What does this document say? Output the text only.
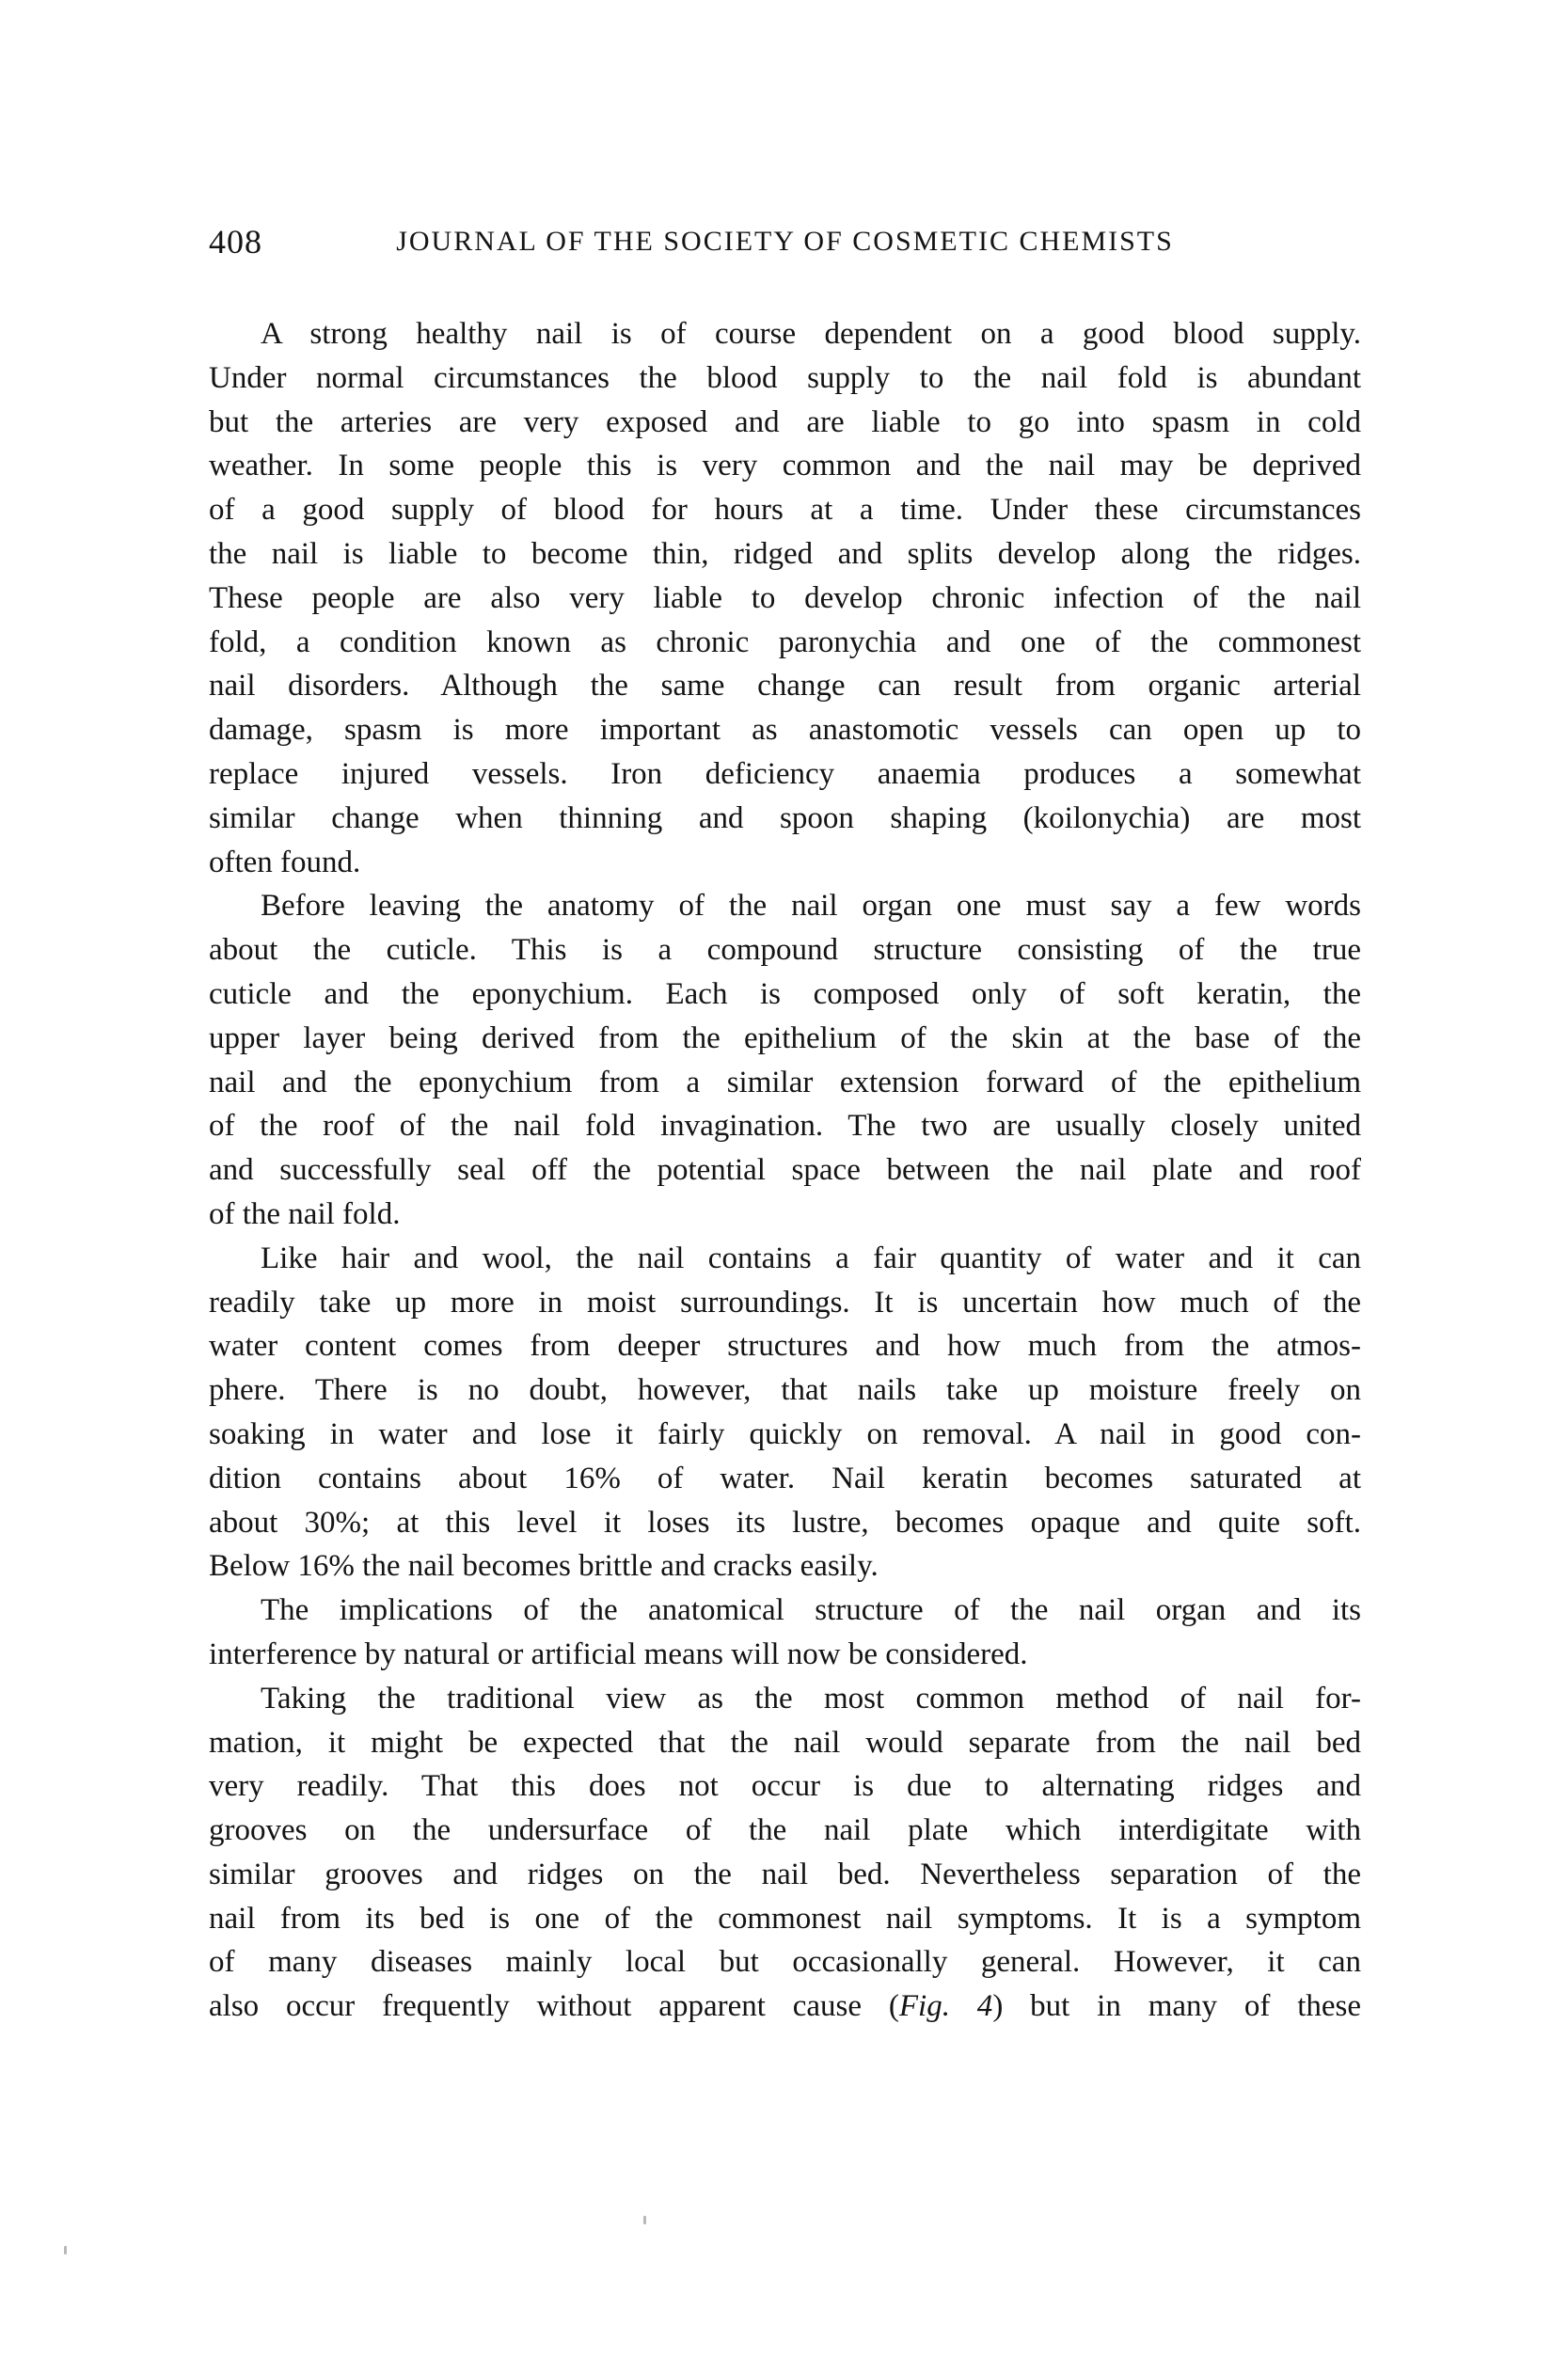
408	JOURNAL OF THE SOCIETY OF COSMETIC CHEMISTS
A strong healthy nail is of course dependent on a good blood supply.
Under normal circumstances the blood supply to the nail fold is abundant
but the arteries are very exposed and are liable to go into spasm in cold
weather. In some people this is very common and the nail may be deprived
of a good supply of blood for hours at a time. Under these circumstances
the nail is liable to become thin, ridged and splits develop along the ridges.
These people are also very liable to develop chronic infection of the nail
fold, a condition known as chronic paronychia and one of the commonest
nail disorders. Although the same change can result from organic arterial
damage, spasm is more important as anastomotic vessels can open up to
replace injured vessels. Iron deficiency anaemia produces a somewhat
similar change when thinning and spoon shaping (koilonychia) are most
often found.
Before leaving the anatomy of the nail organ one must say a few words
about the cuticle. This is a compound structure consisting of the true
cuticle and the eponychium. Each is composed only of soft keratin, the
upper layer being derived from the epithelium of the skin at the base of the
nail and the eponychium from a similar extension forward of the epithelium
of the roof of the nail fold invagination. The two are usually closely united
and successfully seal off the potential space between the nail plate and roof
of the nail fold.
Like hair and wool, the nail contains a fair quantity of water and it can
readily take up more in moist surroundings. It is uncertain how much of the
water content comes from deeper structures and how much from the atmos-
phere. There is no doubt, however, that nails take up moisture freely on
soaking in water and lose it fairly quickly on removal. A nail in good con-
dition contains about 16% of water. Nail keratin becomes saturated at
about 30%; at this level it loses its lustre, becomes opaque and quite soft.
Below 16% the nail becomes brittle and cracks easily.
The implications of the anatomical structure of the nail organ and its
interference by natural or artificial means will now be considered.
Taking the traditional view as the most common method of nail for-
mation, it might be expected that the nail would separate from the nail bed
very readily. That this does not occur is due to alternating ridges and
grooves on the undersurface of the nail plate which interdigitate with
similar grooves and ridges on the nail bed. Nevertheless separation of the
nail from its bed is one of the commonest nail symptoms. It is a symptom
of many diseases mainly local but occasionally general. However, it can
also occur frequently without apparent cause (Fig. 4) but in many of these
